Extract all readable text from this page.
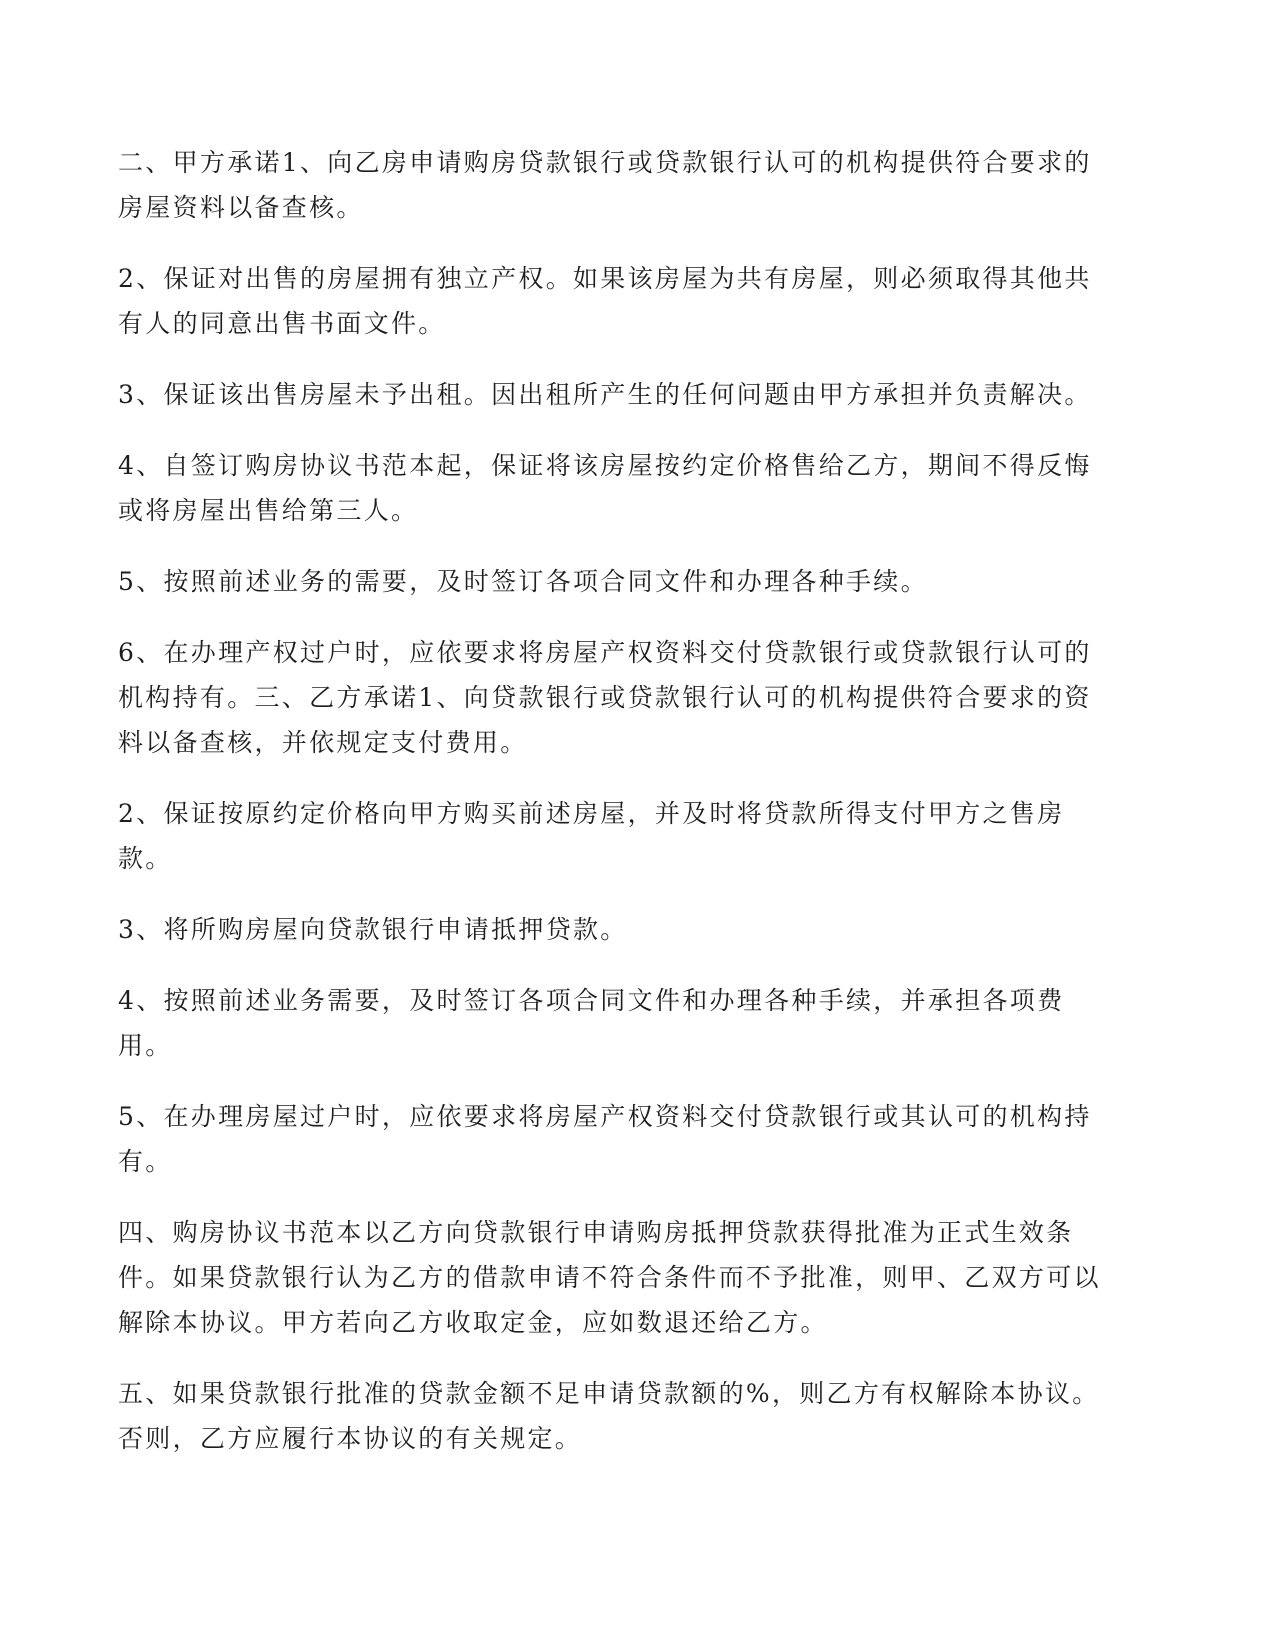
二、甲方承诺1、向乙房申请购房贷款银行或贷款银行认可的机构提供符合要求的房屋资料以备查核。

2、保证对出售的房屋拥有独立产权。如果该房屋为共有房屋，则必须取得其他共有人的同意出售书面文件。

3、保证该出售房屋未予出租。因出租所产生的任何问题由甲方承担并负责解决。

4、自签订购房协议书范本起，保证将该房屋按约定价格售给乙方，期间不得反悔或将房屋出售给第三人。

5、按照前述业务的需要，及时签订各项合同文件和办理各种手续。

6、在办理产权过户时，应依要求将房屋产权资料交付贷款银行或贷款银行认可的机构持有。三、乙方承诺1、向贷款银行或贷款银行认可的机构提供符合要求的资料以备查核，并依规定支付费用。

2、保证按原约定价格向甲方购买前述房屋，并及时将贷款所得支付甲方之售房款。

3、将所购房屋向贷款银行申请抵押贷款。

4、按照前述业务需要，及时签订各项合同文件和办理各种手续，并承担各项费用。

5、在办理房屋过户时，应依要求将房屋产权资料交付贷款银行或其认可的机构持有。

四、购房协议书范本以乙方向贷款银行申请购房抵押贷款获得批准为正式生效条件。如果贷款银行认为乙方的借款申请不符合条件而不予批准，则甲、乙双方可以解除本协议。甲方若向乙方收取定金，应如数退还给乙方。

五、如果贷款银行批准的贷款金额不足申请贷款额的%，则乙方有权解除本协议。否则，乙方应履行本协议的有关规定。
